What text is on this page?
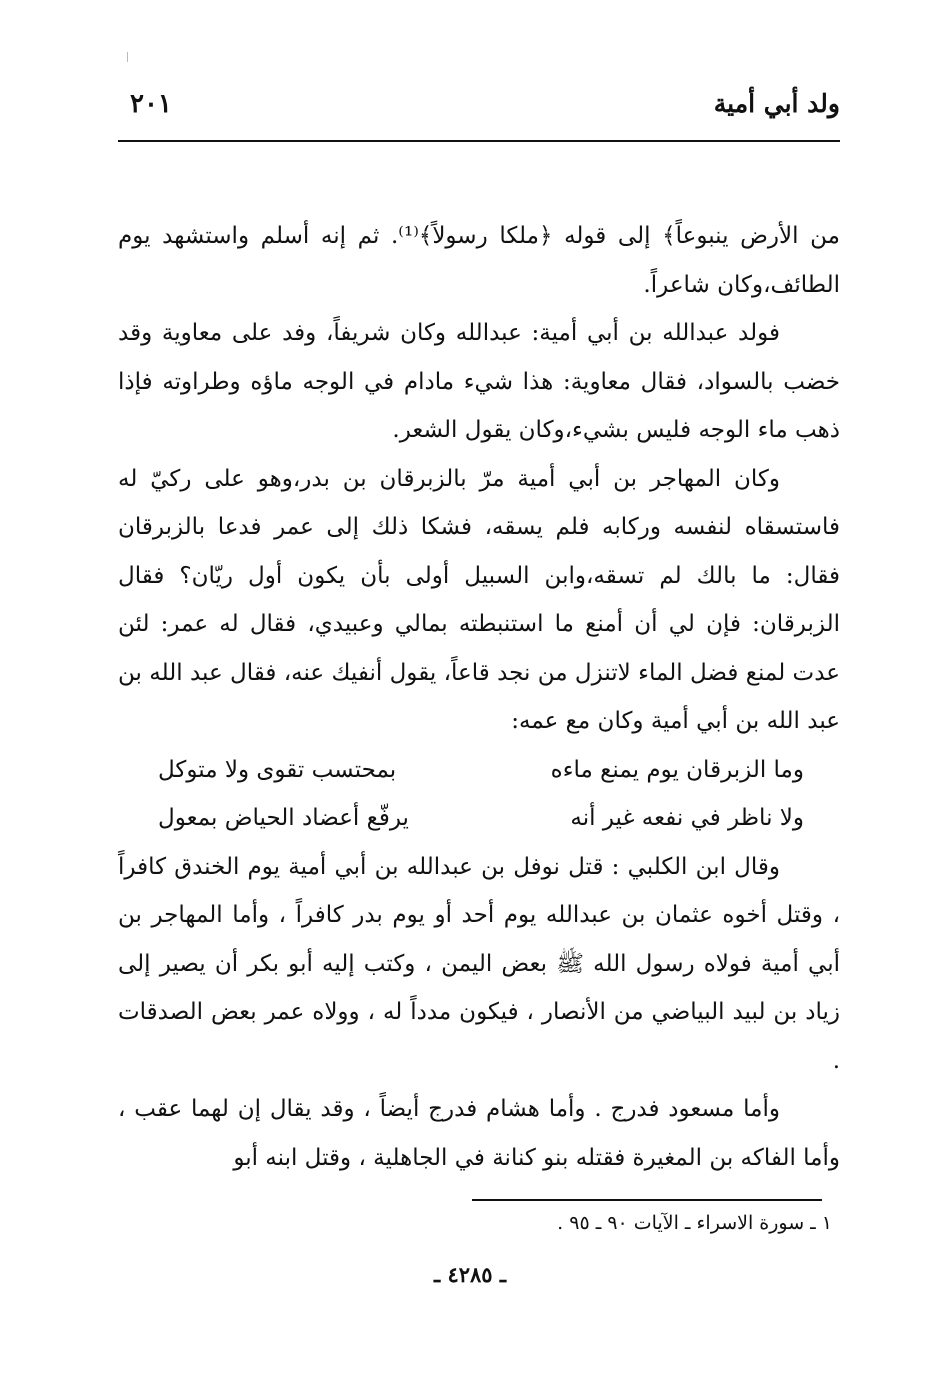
ولد أبي أمية
٢٠١

من الأرض ينبوعاً﴾ إلى قوله ﴿ملكا رسولاً﴾⁽¹⁾. ثم إنه أسلم واستشهد يوم الطائف،وكان شاعراً.

فولد عبدالله بن أبي أمية: عبدالله وكان شريفاً، وفد على معاوية وقد خضب بالسواد، فقال معاوية: هذا شيء مادام في الوجه ماؤه وطراوته فإذا ذهب ماء الوجه فليس بشيء،وكان يقول الشعر.

وكان المهاجر بن أبي أمية مرّ بالزبرقان بن بدر،وهو على ركيّ له فاستسقاه لنفسه وركابه فلم يسقه، فشكا ذلك إلى عمر فدعا بالزبرقان فقال: ما بالك لم تسقه،وابن السبيل أولى بأن يكون أول ريّان؟ فقال الزبرقان: فإن لي أن أمنع ما استنبطته بمالي وعبيدي، فقال له عمر: لئن عدت لمنع فضل الماء لاتنزل من نجد قاعاً، يقول أنفيك عنه، فقال عبد الله بن عبد الله بن أبي أمية وكان مع عمه:

وما الزبرقان يوم يمنع ماءه
بمحتسب تقوى ولا متوكل
ولا ناظر في نفعه غير أنه
يرفّع أعضاد الحياض بمعول

وقال ابن الكلبي : قتل نوفل بن عبدالله بن أبي أمية يوم الخندق كافراً ، وقتل أخوه عثمان بن عبدالله يوم أحد أو يوم بدر كافراً ، وأما المهاجر بن أبي أمية فولاه رسول الله ﷺ بعض اليمن ، وكتب إليه أبو بكر أن يصير إلى زياد بن لبيد البياضي من الأنصار ، فيكون مدداً له ، وولاه عمر بعض الصدقات .

وأما مسعود فدرج . وأما هشام فدرج أيضاً ، وقد يقال إن لهما عقب ، وأما الفاكه بن المغيرة فقتله بنو كنانة في الجاهلية ، وقتل ابنه أبو

١ ـ سورة الاسراء ـ الآيات ٩٠ ـ ٩٥ .
ـ ٤٢٨٥ ـ
